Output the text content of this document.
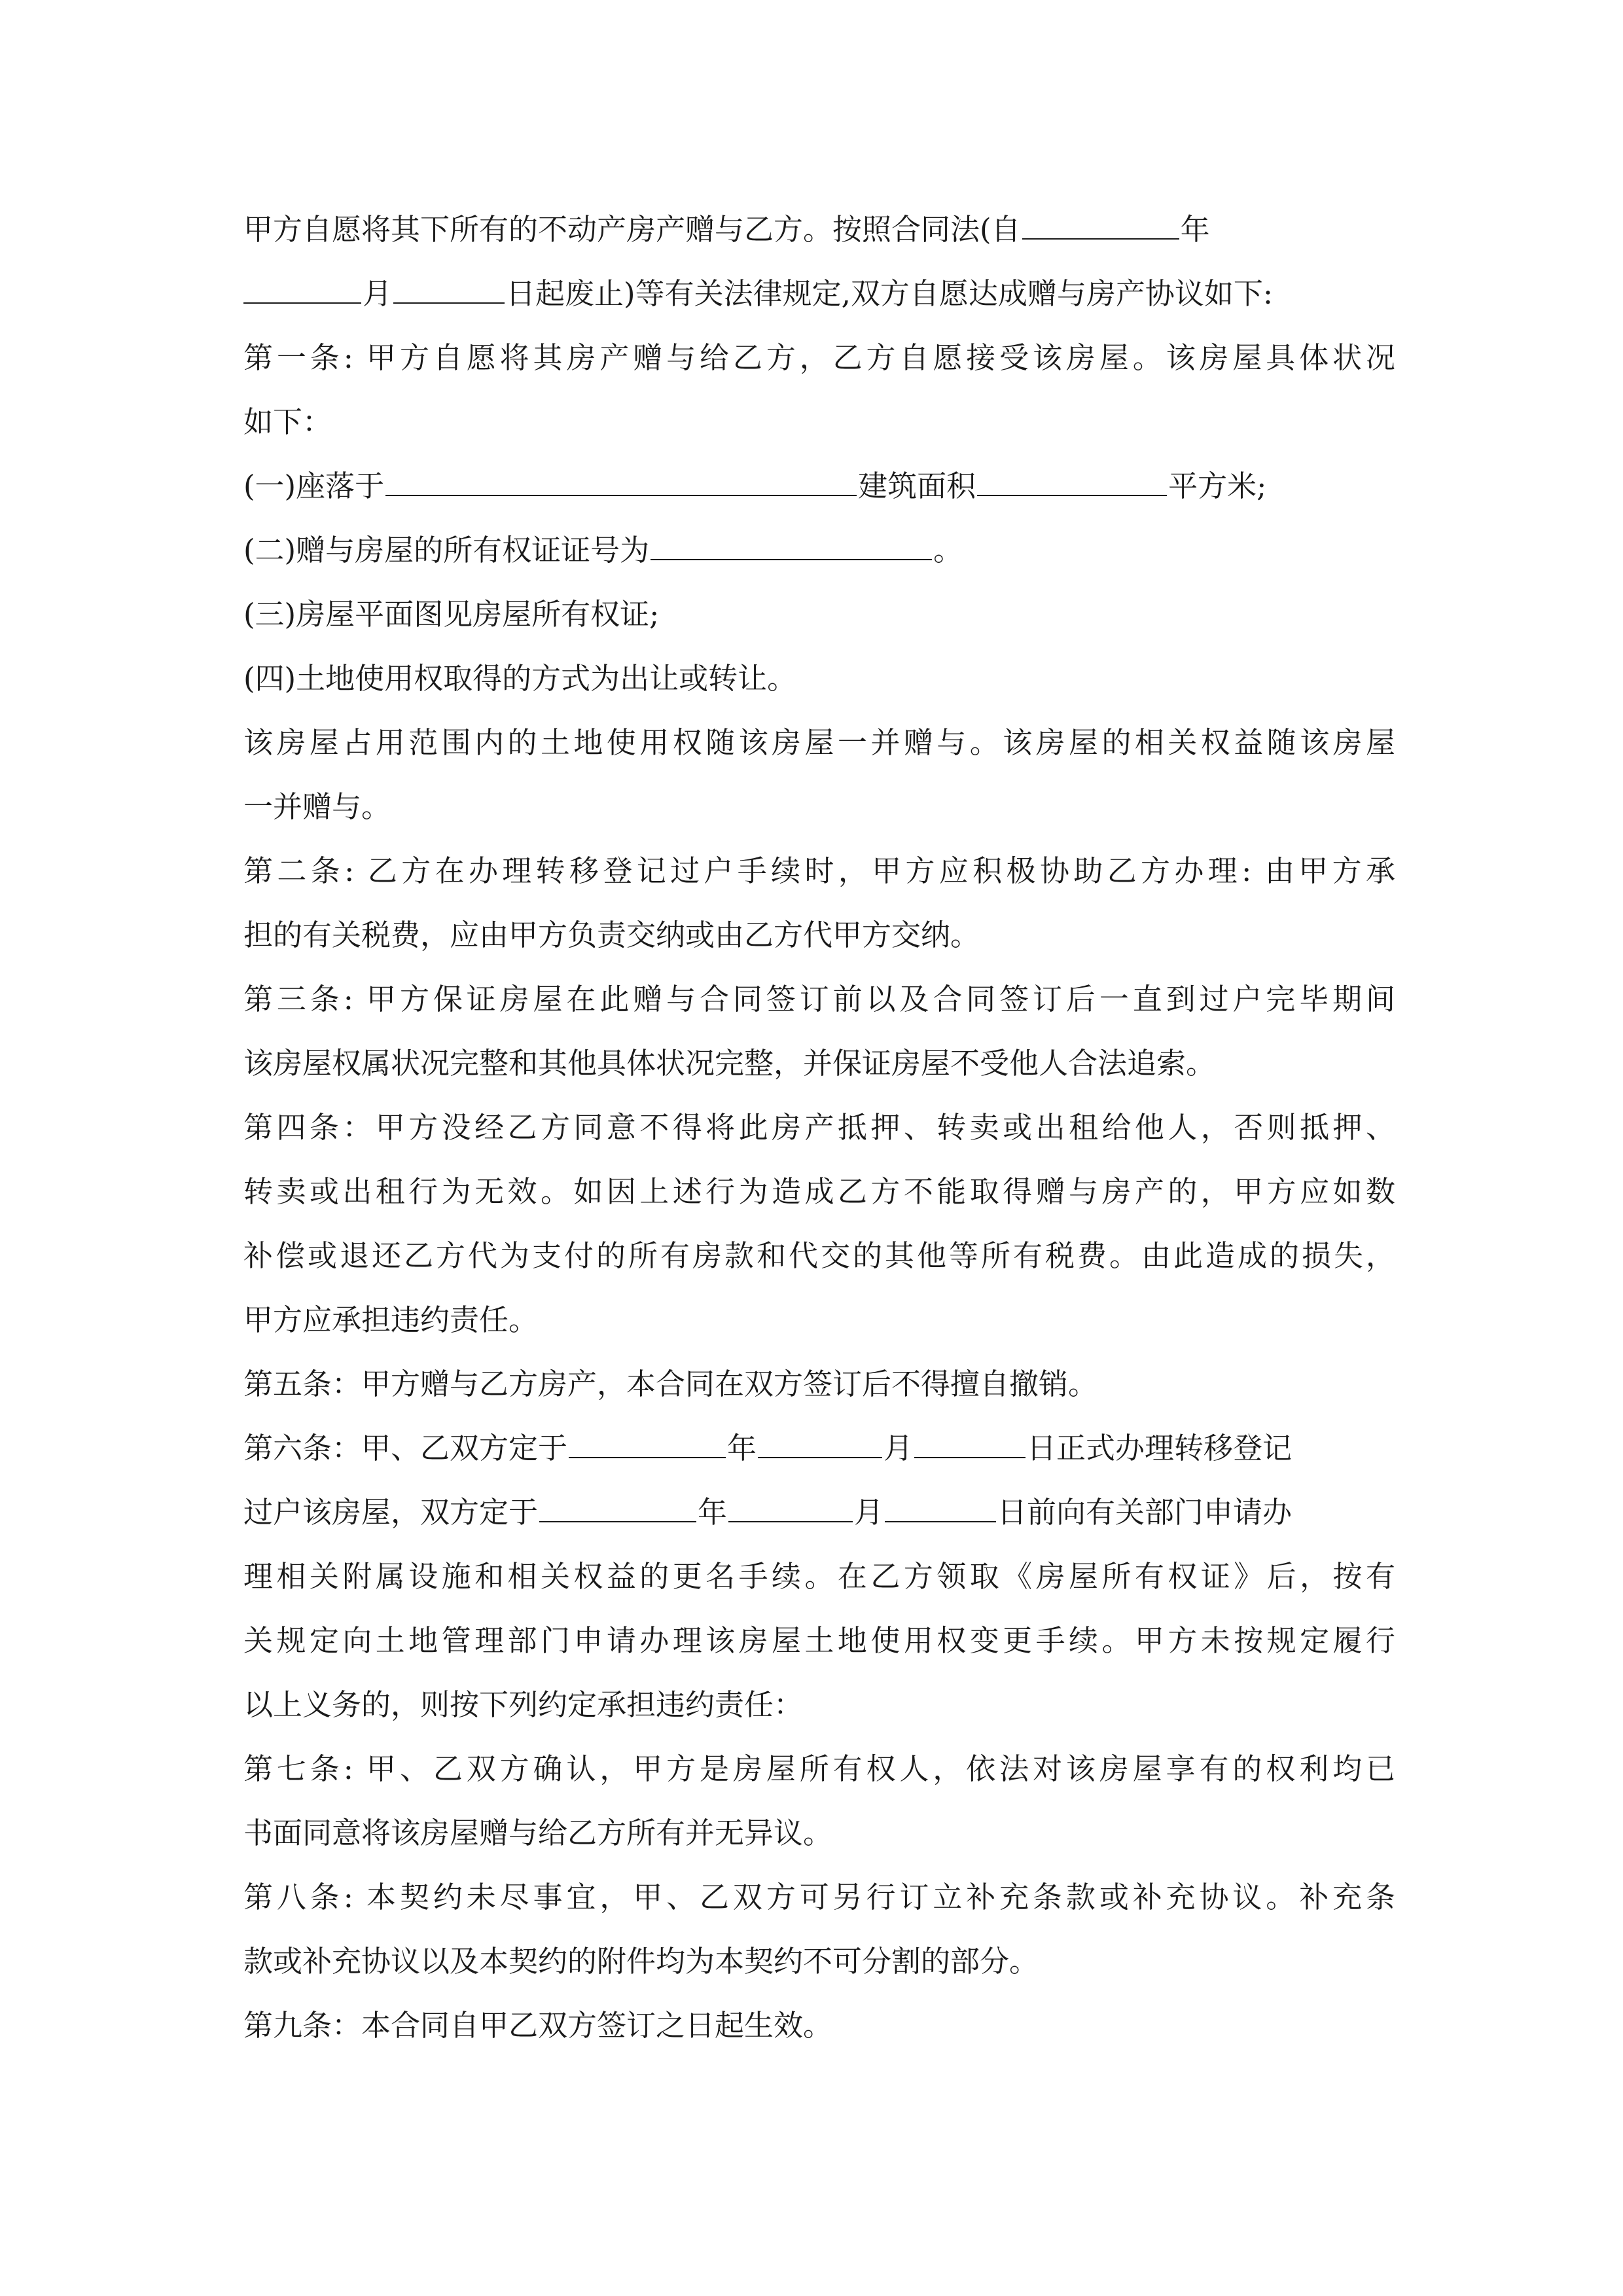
甲方自愿将其下所有的不动产房产赠与乙方。按照合同法(自	年
月	日起废止)等有关法律规定,双方自愿达成赠与房产协议如下:
第一条: 甲方自愿将其房产赠与给乙方，乙方自愿接受该房屋。该房屋具体状况
如下：
(一)座落于	建筑面积	平方米;
(二)赠与房屋的所有权证证号为	。
(三)房屋平面图见房屋所有权证;
(四)土地使用权取得的方式为出让或转让。
该房屋占用范围内的土地使用权随该房屋一并赠与。该房屋的相关权益随该房屋
一并赠与。
第二条: 乙方在办理转移登记过户手续时，甲方应积极协助乙方办理: 由甲方承
担的有关税费，应由甲方负责交纳或由乙方代甲方交纳。
第三条: 甲方保证房屋在此赠与合同签订前以及合同签订后一直到过户完毕期间
该房屋权属状况完整和其他具体状况完整，并保证房屋不受他人合法追索。
第四条：甲方没经乙方同意不得将此房产抵押、转卖或出租给他人，否则抵押、
转卖或出租行为无效。如因上述行为造成乙方不能取得赠与房产的，甲方应如数
补偿或退还乙方代为支付的所有房款和代交的其他等所有税费。由此造成的损失，
甲方应承担违约责任。
第五条：甲方赠与乙方房产，本合同在双方签订后不得擅自撤销。
第六条：甲、乙双方定于	年	月	日正式办理转移登记
过户该房屋，双方定于	年	月	日前向有关部门申请办
理相关附属设施和相关权益的更名手续。在乙方领取《房屋所有权证》后，按有
关规定向土地管理部门申请办理该房屋土地使用权变更手续。甲方未按规定履行
以上义务的，则按下列约定承担违约责任：
第七条: 甲、乙双方确认，甲方是房屋所有权人，依法对该房屋享有的权利均已
书面同意将该房屋赠与给乙方所有并无异议。
第八条: 本契约未尽事宜，甲、乙双方可另行订立补充条款或补充协议。补充条
款或补充协议以及本契约的附件均为本契约不可分割的部分。
第九条：本合同自甲乙双方签订之日起生效。
